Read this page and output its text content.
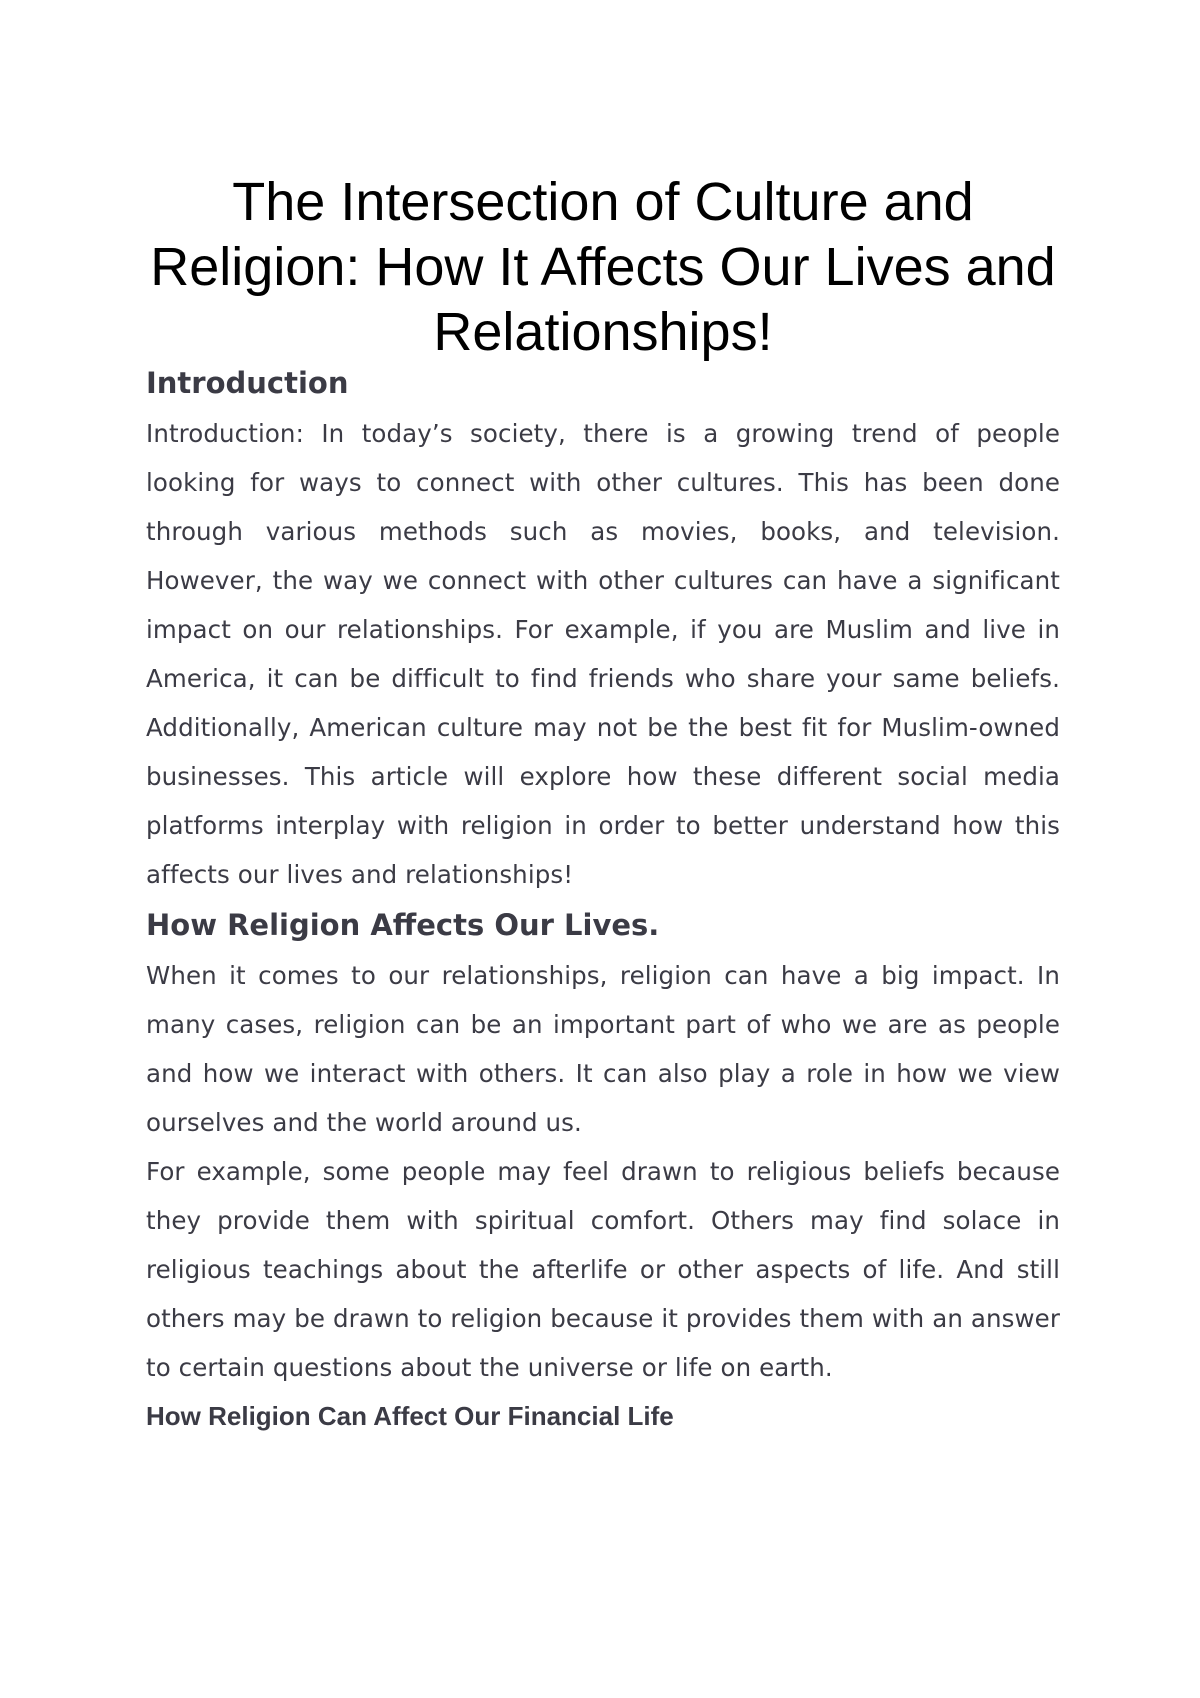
The Intersection of Culture and Religion: How It Affects Our Lives and Relationships!
Introduction

Introduction: In today’s society, there is a growing trend of people looking for ways to connect with other cultures. This has been done through various methods such as movies, books, and television. However, the way we connect with other cultures can have a significant impact on our relationships. For example, if you are Muslim and live in America, it can be difficult to find friends who share your same beliefs. Additionally, American culture may not be the best fit for Muslim-owned businesses. This article will explore how these different social media platforms interplay with religion in order to better understand how this affects our lives and relationships!

How Religion Affects Our Lives.

When it comes to our relationships, religion can have a big impact. In many cases, religion can be an important part of who we are as people and how we interact with others. It can also play a role in how we view ourselves and the world around us.

For example, some people may feel drawn to religious beliefs because they provide them with spiritual comfort. Others may find solace in religious teachings about the afterlife or other aspects of life. And still others may be drawn to religion because it provides them with an answer to certain questions about the universe or life on earth.

How Religion Can Affect Our Financial Life
